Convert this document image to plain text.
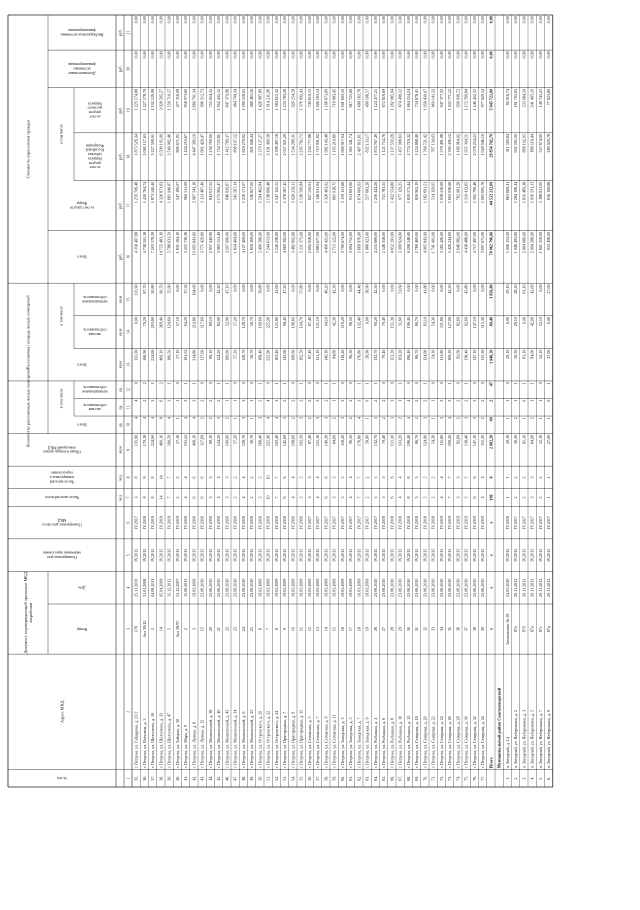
Документ, подтверждающий признание МКД аварийным
Количество расселяемых жилых помещений
Расселяемая площадь жилых помещений
Стоимость переселения граждан
в том числе
в том числе
в том числе
№ п/п
Адрес МКД
Номер
Дата
Планируемая дата
окончания переселения
Планируемая дата сноса
МКД
Число жителей всего
Число жителей
планируемых к
переселению
Общая площадь жилых
помещений МКД
Всего
частная
собственность
муниципальная
собственность
Всего
частная
собственность
муниципальная
собственность
Всего
за счет средств
Фонда
за счет
средств
бюджета
субъекта
Российской
Федерации
за счет
средств
местного
бюджета
Дополнительные
источники
финансирования
Внебюджетные источники
финансирования
чел.
чел.
кв.м
ед.
ед.
ед.
кв.м
кв.м
кв.м
руб.
руб.
руб.
руб.
руб.
руб.
1
2
3
4
5
6
7
8
9
10
11
12
13
14
15
16
17
18
19
20
21
35.
г. Петроза, ул. Гайдарова, д. 23 Г
178
25.11.2010
IV.2015
IV.2017
3
8
135,90
4
4
0
135,90
0,00
135,90
4 358 407,68
1 259 706,46
1 873 526,34
1 225 174,88
0,00
0,00
36.
г. Петроза, ул. Ватутина, д. 3
Акт 39/45
31.01.2008
IV.2015
IV.2018
8
8
179,18
4
2
2
166,90
79,20
87,70
4 738 501,16
1 430 764,74
2 080 157,63
1 227 578,79
0,00
0,00
37.
г. Петроза, ул. Шелгунова, д. 16
2
04.08.2011
IV.2015
IV.2019
8
8
224,60
4
3
1
224,60
203,80
20,80
7 203 178,39
1 873 540,40
3 227 508,01
2 102 129,98
0,00
0,00
38.
г. Петроза, ул. Шелгунова, д. 33
14
05.04.2009
IV.2015
IV.2019
14
14
460,10
8
6
2
460,10
369,40
90,70
14 755 483,10
4 326 871,63
6 500 105,90
3 928 505,57
0,00
0,00
39.
г. Петроза, ул. Шелгунова, д. 47
5
11.12.2012
IV.2015
IV.2019
7
7
180,50
4
3
1
180,50
124,60
55,90
5 788 633,50
1 681 940,87
2 549 982,46
1 556 710,17
0,00
0,00
40.
г. Петроза, ул. Зайцева, д. 30
Акт 38/97
12.12.2007
IV.2015
IV.2019
2
2
57,10
1
1
0
57,10
57,10
0,00
1 831 184,10
547 196,07
806 671,95
477 316,08
0,00
0,00
41.
г. Петроза, ул. Мира, д. 9
2
11.06.2013
IV.2015
IV.2016
4
4
101,52
4
3
1
101,52
64,20
37,32
3 255 738,36
962 511,09
1 434 253,67
858 973,60
0,00
0,00
42.
г. Петроза, ул. Лунная, д. 8
3
19.03.2009
IV.2015
IV.2016
6
6
408,10
4
3
1
314,80
210,80
104,00
10 095 643,60
2 967 543,16
4 447 399,10
2 680 701,34
0,00
0,00
43.
г. Петроза, ул. Лунная, д. 12
15
23.06.2010
IV.2015
IV.2016
6
6
117,60
2
2
0
117,60
117,60
0,00
3 771 429,60
1 113 487,40
1 661 429,47
996 512,73
0,00
0,00
44.
г. Петроза, ул. Мелентьевой, д. 38
20
23.06.2010
IV.2015
IV.2016
3
3
89,10
2
2
0
89,10
89,10
0,00
2 857 440,90
843 617,55
1 258 769,00
755 054,35
0,00
0,00
45.
г. Петроза, ул. Мелентьевой, д. 40
21
23.06.2010
IV.2015
IV.2016
4
4
124,20
3
2
1
124,20
82,00
42,20
3 983 153,40
1 175 992,47
1 754 725,81
1 052 435,12
0,00
0,00
46.
г. Петроза, ул. Мелентьевой, д. 42
22
23.06.2010
IV.2015
IV.2016
3
3
100,00
2
1
1
100,00
52,90
47,10
3 207 000,00
946 830,67
1 412 789,37
847 379,96
0,00
0,00
47.
г. Петроза, ул. Мелентьевой, д. 14
23
23.06.2010
IV.2015
IV.2016
2
2
57,20
1
1
0
57,20
57,20
0,00
1 834 404,00
541 587,14
808 107,52
484 709,34
0,00
0,00
48.
г. Петроза, ул. Мелентьевой, д. 6
24
23.06.2010
IV.2015
IV.2016
4
4
128,70
3
3
0
128,70
128,70
0,00
4 127 409,00
1 218 571,07
1 818 279,92
1 090 558,01
0,00
0,00
49.
г. Петроза, ул. Мелентьевой, д. 25
25
23.06.2010
IV.2015
IV.2016
2
2
56,70
1
1
0
56,70
56,70
0,00
1 818 369,00
536 857,00
801 046,44
480 465,56
0,00
0,00
50.
г. Петроза, ул. Островского, д. 20
6
19.03.2009
IV.2015
IV.2016
5
5
168,40
3
2
1
168,40
109,60
58,80
5 400 588,00
1 594 462,84
2 379 137,27
1 426 987,89
0,00
0,00
51.
г. Петроза, ул. Островского, д. 22
7
19.03.2009
IV.2015
IV.2016
10
10
225,90
4
4
0
225,90
225,90
0,00
7 244 613,00
2 138 890,48
3 191 490,56
1 914 231,96
0,00
0,00
52.
г. Петроза, ул. Островского, д. 24
8
19.03.2009
IV.2015
IV.2016
7
7
163,40
4
3
1
163,40
121,80
41,60
5 240 238,00
1 547 125,52
2 308 497,16
1 384 615,32
0,00
0,00
53.
г. Петроза, ул. Пригородная, д. 7
9
19.03.2009
IV.2015
IV.2016
6
6
145,60
3
2
1
145,60
98,40
47,20
4 669 392,00
1 378 587,45
2 057 021,29
1 233 783,26
0,00
0,00
54.
г. Петроза, ул. Пригородная, д. 9
10
19.03.2009
IV.2015
IV.2016
4
4
108,60
2
2
0
108,60
108,60
0,00
3 482 802,00
1 028 258,11
1 534 289,31
920 254,58
0,00
0,00
55.
г. Петроза, ул. Пригородная, д. 11
11
19.03.2009
IV.2015
IV.2016
5
5
162,50
3
2
1
162,50
104,70
57,80
5 211 375,00
1 538 599,84
2 295 782,73
1 376 992,43
0,00
0,00
56.
г. Петроза, ул. Сегежская, д. 5
12
19.03.2009
IV.2015
IV.2017
3
3
87,40
2
2
0
87,40
87,40
0,00
2 802 918,00
827 530,01
1 234 777,86
740 610,13
0,00
0,00
57.
г. Петроза, ул. Сегежская, д. 7
13
19.03.2009
IV.2015
IV.2017
4
4
121,10
3
3
0
121,10
121,10
0,00
3 883 677,00
1 146 611,94
1 710 901,92
1 026 163,14
0,00
0,00
58.
г. Петроза, ул. Сегежская, д. 9
14
19.03.2009
IV.2015
IV.2017
6
6
140,30
3
2
1
140,30
94,10
46,20
4 499 421,00
1 328 403,92
1 982 143,48
1 188 873,60
0,00
0,00
59.
г. Петроза, ул. Сегежская, д. 11
15
19.03.2009
IV.2015
IV.2017
3
3
84,60
2
1
1
84,60
42,30
42,30
2 713 122,00
801 018,75
1 195 219,80
716 883,45
0,00
0,00
60.
г. Петроза, ул. Заводская, д. 3
16
19.03.2009
IV.2015
IV.2017
5
5
118,20
3
3
0
118,20
118,20
0,00
3 790 674,00
1 119 153,86
1 669 917,04
1 001 603,10
0,00
0,00
61.
г. Петроза, ул. Заводская, д. 5
17
19.03.2009
IV.2015
IV.2017
4
4
96,50
2
2
0
96,50
96,50
0,00
3 094 755,00
913 691,60
1 363 341,74
817 721,66
0,00
0,00
62.
г. Петроза, ул. Заводская, д. 7
18
19.03.2009
IV.2015
IV.2017
7
7
176,80
4
3
1
176,80
132,40
44,40
5 669 976,00
1 674 000,63
2 497 811,61
1 498 163,76
0,00
0,00
63.
г. Петроза, ул. Заводская, д. 9
19
19.03.2009
IV.2015
IV.2017
2
2
58,90
1
0
1
58,90
0,00
58,90
1 888 923,00
557 683,26
832 133,17
499 106,57
0,00
0,00
64.
г. Петроза, ул. Рыбацкая, д. 4
26
23.06.2010
IV.2015
IV.2017
5
5
132,70
3
2
1
132,70
90,20
42,50
4 255 689,00
1 256 444,26
1 874 767,49
1 124 477,25
0,00
0,00
65.
г. Петроза, ул. Рыбацкая, д. 6
27
23.06.2010
IV.2015
IV.2018
3
3
79,40
2
2
0
79,40
79,40
0,00
2 546 358,00
751 783,55
1 121 754,76
672 819,69
0,00
0,00
66.
г. Петроза, ул. Рыбацкая, д. 8
28
23.06.2010
IV.2015
IV.2018
6
6
151,30
3
3
0
151,30
151,30
0,00
4 852 191,00
1 432 554,80
2 137 550,26
1 282 085,94
0,00
0,00
67.
г. Петроза, ул. Рыбацкая, д. 10
29
23.06.2010
IV.2015
IV.2018
4
4
103,20
2
1
1
103,20
51,60
51,60
3 309 624,00
977 129,25
1 457 998,63
874 496,12
0,00
0,00
68.
г. Петроза, ул. Рыбацкая, д. 12
30
23.06.2010
IV.2015
IV.2018
8
8
196,40
4
4
0
196,40
196,40
0,00
6 298 548,00
1 859 575,44
2 774 718,32
1 664 254,24
0,00
0,00
69.
г. Петроза, ул. Северная, д. 18
31
23.06.2010
IV.2015
IV.2018
3
3
86,70
2
2
0
86,70
86,70
0,00
2 780 469,00
820 902,19
1 224 888,40
734 678,41
0,00
0,00
70.
г. Петроза, ул. Северная, д. 20
32
23.06.2010
IV.2015
IV.2018
5
5
124,90
3
2
1
124,90
83,10
41,80
4 005 843,00
1 182 691,51
1 764 721,42
1 058 430,07
0,00
0,00
71.
г. Петроза, ул. Северная, д. 22
33
23.06.2010
IV.2015
IV.2018
2
2
54,30
1
1
0
54,30
54,30
0,00
1 741 401,00
514 129,05
767 130,63
460 141,32
0,00
0,00
72.
г. Петроза, ул. Северная, д. 24
34
23.06.2010
IV.2015
IV.2019
4
4
111,80
3
3
0
111,80
111,80
0,00
3 585 426,00
1 058 556,69
1 579 491,98
947 377,33
0,00
0,00
73.
г. Петроза, ул. Северная, д. 26
35
23.06.2010
IV.2015
IV.2019
7
7
169,20
4
3
1
169,20
127,00
42,20
5 426 244,00
1 602 036,66
2 390 436,12
1 433 771,22
0,00
0,00
74.
г. Петроза, ул. Северная, д. 28
36
23.06.2010
IV.2015
IV.2019
3
3
82,60
2
2
0
82,60
82,60
0,00
2 648 982,00
782 081,26
1 166 964,02
699 936,72
0,00
0,00
75.
г. Петроза, ул. Северная, д. 30
37
23.06.2010
IV.2015
IV.2019
5
5
138,40
3
2
1
138,40
92,60
45,80
4 438 488,00
1 310 413,65
1 955 304,51
1 172 769,84
0,00
0,00
76.
г. Петроза, ул. Северная, д. 32
38
23.06.2010
IV.2015
IV.2019
6
6
147,10
3
3
0
147,10
147,10
0,00
4 717 497,00
1 392 790,46
2 078 254,23
1 246 452,31
0,00
0,00
77.
г. Петроза, ул. Северная, д. 34
39
23.06.2010
IV.2015
IV.2019
4
4
115,30
2
2
0
115,30
115,30
0,00
3 697 671,00
1 091 695,76
1 628 946,10
977 029,14
0,00
0,00
Итого
x
x
x
x
196
8
2 082,20
49
2
47
1 946,20
89,40
1 856,80
70 962 796,00
44 532 212,09
20 854 742,79
5 945 723,00
0,00
0,00
Муниципальный район Сыктывкарский
1.
п. Звездный, д. 14
Заключение № 58
14.05.2010
IV.2015
IV.2016
1
1
29,10
1
1
0
29,10
0,00
29,10
1 006 112,00
663 689,41
311 500,84
82 916,74
0,00
0,00
2.
п. Звездный, ул. Набережная, д. 2
87а
20.11.2012
IV.2015
IV.2017
2
2
56,30
2
1
1
56,30
28,10
28,20
1 946 493,00
1 284 196,44
602 591,00
161 705,65
0,00
0,00
3.
п. Звездный, ул. Набережная, д. 3
87б
20.11.2012
IV.2015
IV.2017
2
2
81,10
1
0
1
81,10
0,00
81,10
2 804 089,00
1 850 469,38
868 102,05
233 084,10
0,00
0,00
4.
п. Звездный, ул. Набережная, д. 5
87в
20.11.2012
IV.2015
IV.2017
3
3
84,00
2
1
1
84,00
42,00
42,00
2 904 288,00
1 916 591,13
899 118,44
241 495,10
0,00
0,00
5.
п. Звездный, ул. Набережная, д. 7
87г
20.11.2012
IV.2015
IV.2017
2
2
52,10
1
1
0
52,10
52,10
0,00
1 801 350,00
1 188 811,00
557 674,00
149 741,21
0,00
0,00
6.
п. Звездный, ул. Набережная, д. 9
87д
20.11.2012
IV.2015
IV.2017
1
1
27,00
1
0
1
27,00
0,00
27,00
933 498,00
616 108,68
289 029,78
77 623,66
0,00
0,00
